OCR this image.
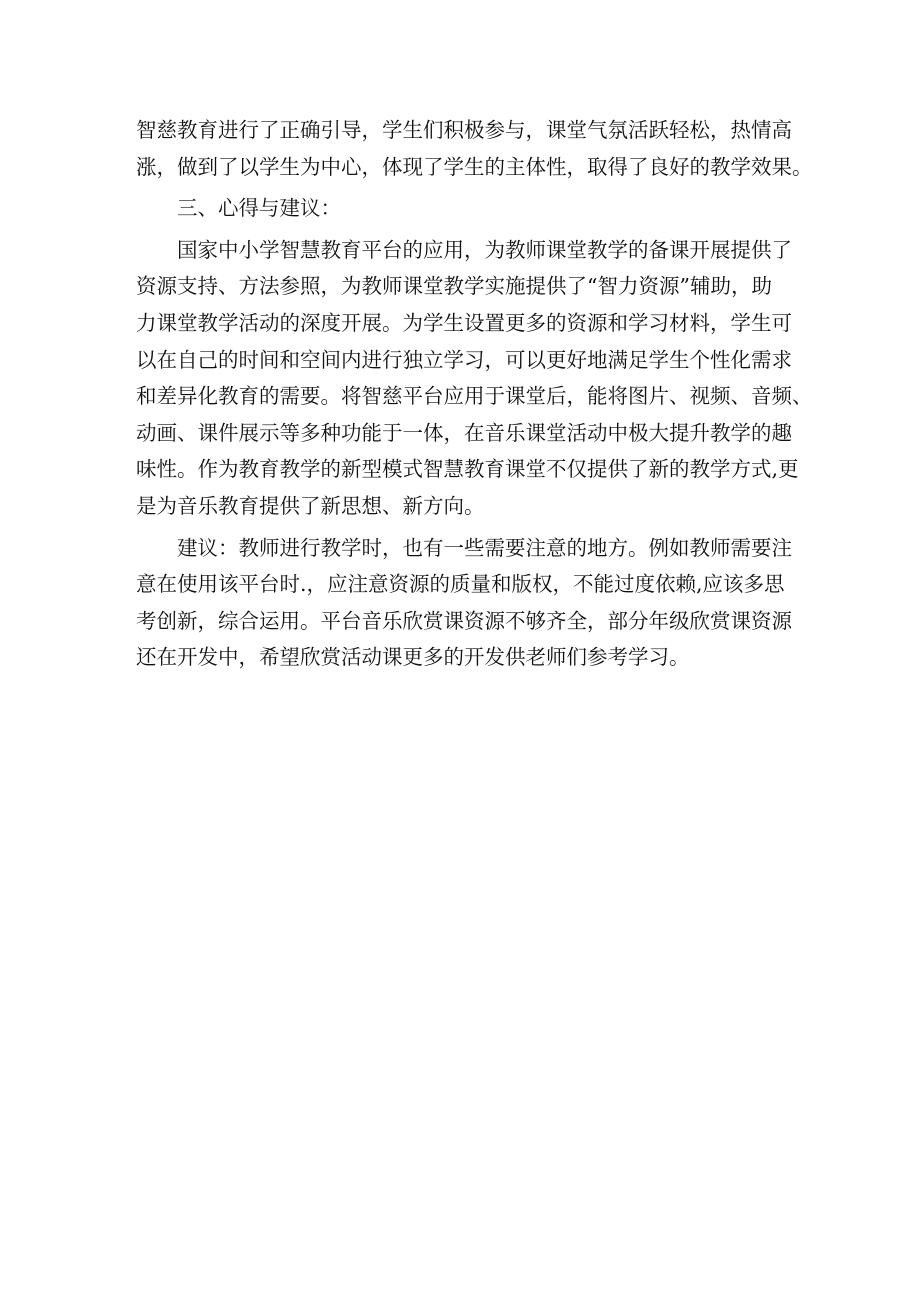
智慈教育进行了正确引导，学生们积极参与，课堂气氛活跃轻松，热情高
涨，做到了以学生为中心，体现了学生的主体性，取得了良好的教学效果。
　　三、心得与建议：
　　国家中小学智慧教育平台的应用，为教师课堂教学的备课开展提供了
资源支持、方法参照，为教师课堂教学实施提供了“智力资源”辅助，助
力课堂教学活动的深度开展。为学生设置更多的资源和学习材料，学生可
以在自己的时间和空间内进行独立学习，可以更好地满足学生个性化需求
和差异化教育的需要。将智慈平台应用于课堂后，能将图片、视频、音频、
动画、课件展示等多种功能于一体，在音乐课堂活动中极大提升教学的趣
味性。作为教育教学的新型模式智慧教育课堂不仅提供了新的教学方式,更
是为音乐教育提供了新思想、新方向。
　　建议：教师进行教学时，也有一些需要注意的地方。例如教师需要注
意在使用该平台时.，应注意资源的质量和版权，不能过度依赖,应该多思
考创新，综合运用。平台音乐欣赏课资源不够齐全，部分年级欣赏课资源
还在开发中，希望欣赏活动课更多的开发供老师们参考学习。
